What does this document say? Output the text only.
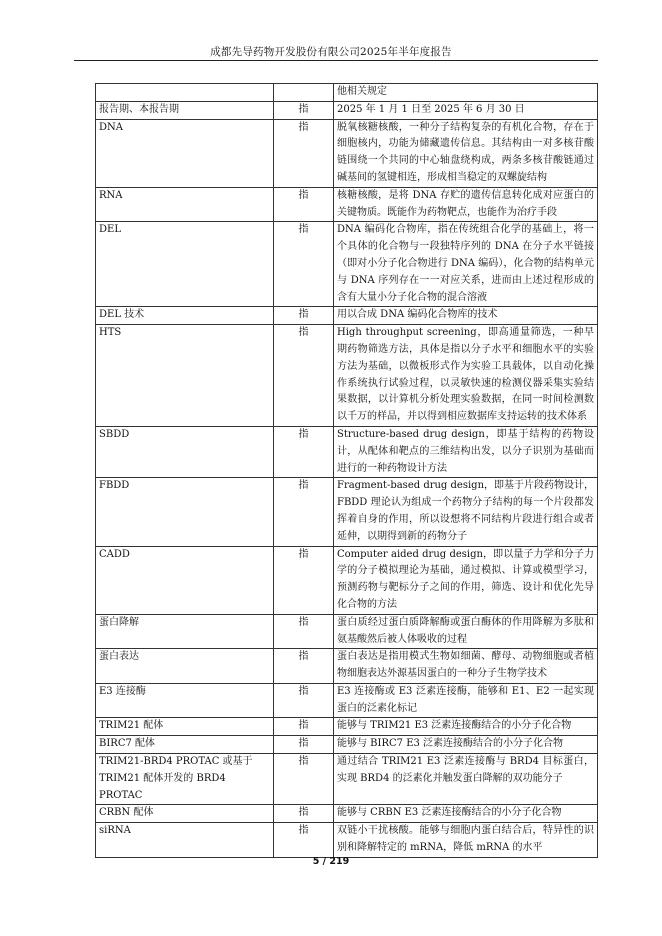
成都先导药物开发股份有限公司2025年半年度报告
		他相关规定
报告期、本报告期	指	2025 年 1 月 1 日至 2025 年 6 月 30 日
DNA	指	脱氧核糖核酸，一种分子结构复杂的有机化合物，存在于细胞核内，功能为储藏遗传信息。其结构由一对多核苷酸链围绕一个共同的中心轴盘绕构成，两条多核苷酸链通过碱基间的氢键相连，形成相当稳定的双螺旋结构
RNA	指	核糖核酸，是将 DNA 存贮的遗传信息转化成对应蛋白的关键物质。既能作为药物靶点，也能作为治疗手段
DEL	指	DNA 编码化合物库，指在传统组合化学的基础上，将一个具体的化合物与一段独特序列的 DNA 在分子水平链接（即对小分子化合物进行 DNA 编码），化合物的结构单元与 DNA 序列存在一一对应关系，进而由上述过程形成的含有大量小分子化合物的混合溶液
DEL 技术	指	用以合成 DNA 编码化合物库的技术
HTS	指	High throughput screening，即高通量筛选，一种早期药物筛选方法，具体是指以分子水平和细胞水平的实验方法为基础，以微板形式作为实验工具载体，以自动化操作系统执行试验过程，以灵敏快速的检测仪器采集实验结果数据，以计算机分析处理实验数据，在同一时间检测数以千万的样品，并以得到相应数据库支持运转的技术体系
SBDD	指	Structure-based drug design，即基于结构的药物设计，从配体和靶点的三维结构出发，以分子识别为基础而进行的一种药物设计方法
FBDD	指	Fragment-based drug design，即基于片段药物设计，FBDD 理论认为组成一个药物分子结构的每一个片段都发挥着自身的作用，所以设想将不同结构片段进行组合或者延伸，以期得到新的药物分子
CADD	指	Computer aided drug design，即以量子力学和分子力学的分子模拟理论为基础，通过模拟、计算或模型学习，预测药物与靶标分子之间的作用，筛选、设计和优化先导化合物的方法
蛋白降解	指	蛋白质经过蛋白质降解酶或蛋白酶体的作用降解为多肽和氨基酸然后被人体吸收的过程
蛋白表达	指	蛋白表达是指用模式生物如细菌、酵母、动物细胞或者植物细胞表达外源基因蛋白的一种分子生物学技术
E3 连接酶	指	E3 连接酶或 E3 泛素连接酶，能够和 E1、E2 一起实现蛋白的泛素化标记
TRIM21 配体	指	能够与 TRIM21 E3 泛素连接酶结合的小分子化合物
BIRC7 配体	指	能够与 BIRC7 E3 泛素连接酶结合的小分子化合物
TRIM21-BRD4 PROTAC 或基于 TRIM21 配体开发的 BRD4 PROTAC	指	通过结合 TRIM21 E3 泛素连接酶与 BRD4 目标蛋白，实现 BRD4 的泛素化并触发蛋白降解的双功能分子
CRBN 配体	指	能够与 CRBN E3 泛素连接酶结合的小分子化合物
siRNA	指	双链小干扰核酸。能够与细胞内蛋白结合后，特异性的识别和降解特定的 mRNA，降低 mRNA 的水平
5 / 219
